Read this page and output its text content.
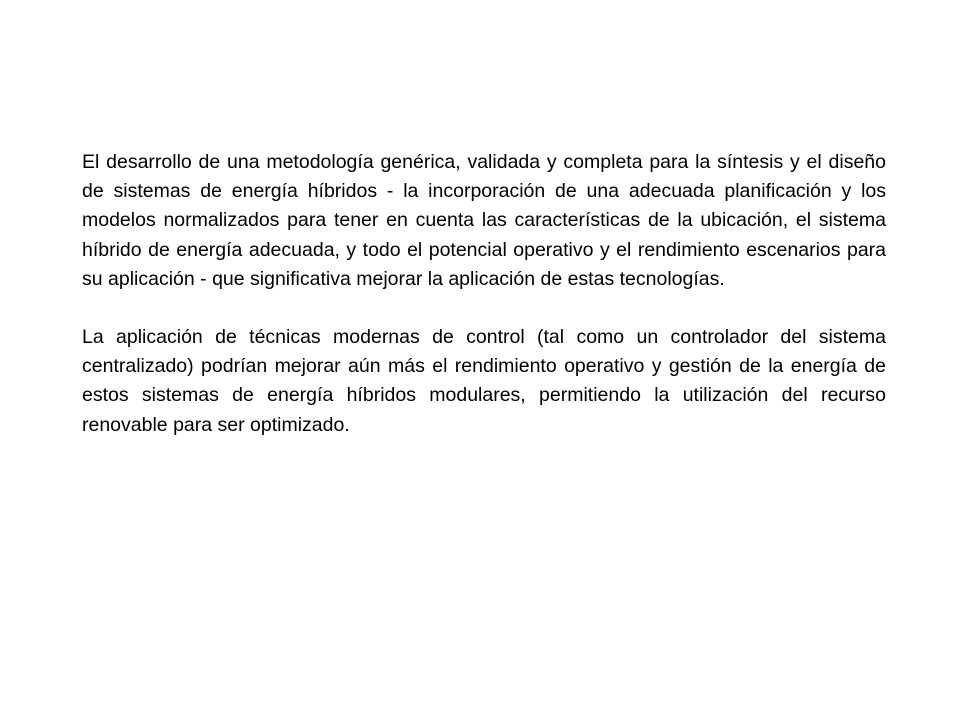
El desarrollo de una metodología genérica, validada y completa para la síntesis y el diseño de sistemas de energía híbridos - la incorporación de una adecuada planificación y los modelos normalizados para tener en cuenta las características de la ubicación, el sistema híbrido de energía adecuada, y todo el potencial operativo y el rendimiento escenarios para su aplicación - que significativa mejorar la aplicación de estas tecnologías.

La aplicación de técnicas modernas de control (tal como un controlador del sistema centralizado) podrían mejorar aún más el rendimiento operativo y gestión de la energía de estos sistemas de energía híbridos modulares, permitiendo la utilización del recurso renovable para ser optimizado.
